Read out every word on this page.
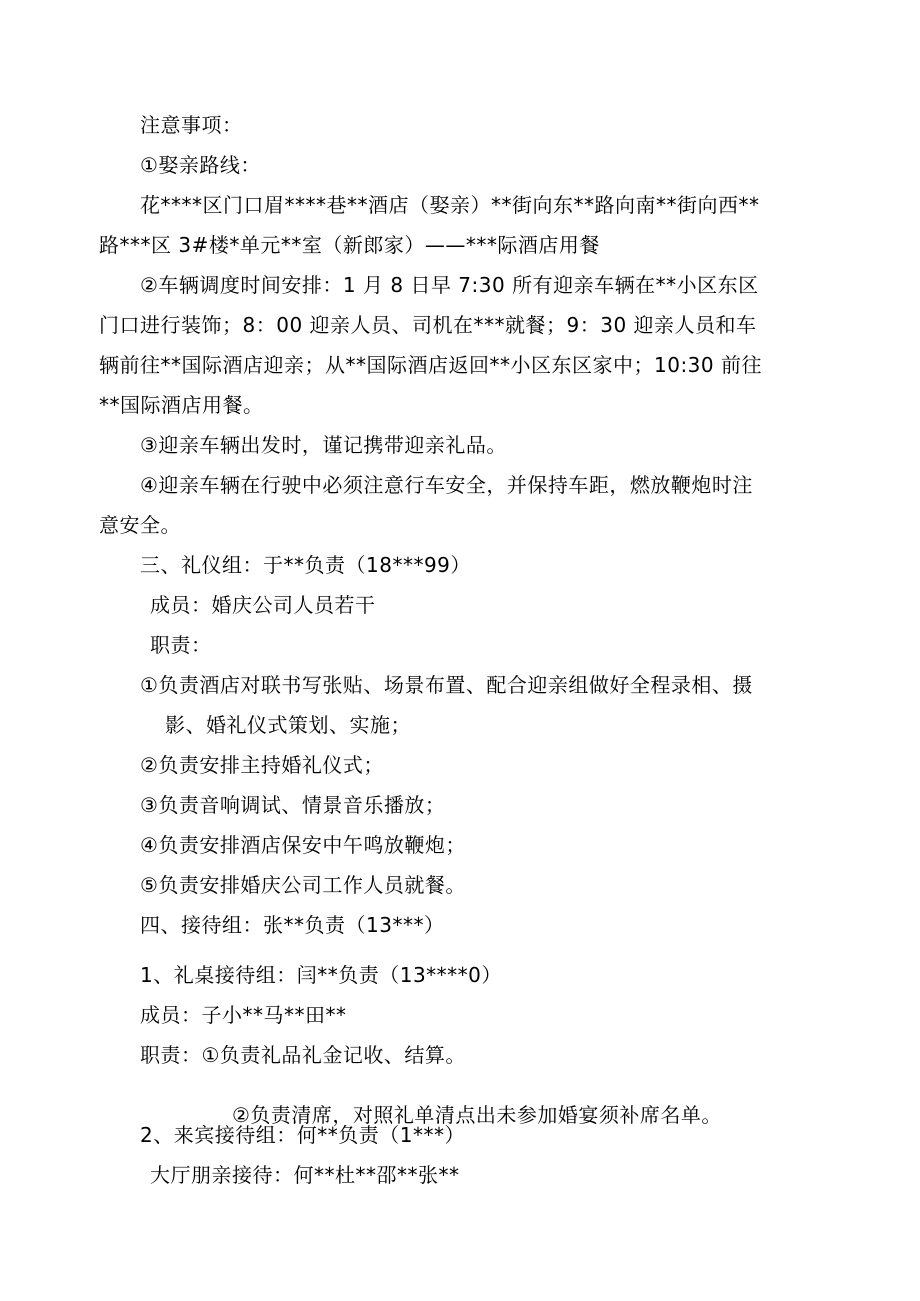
注意事项：

①娶亲路线：

花****区门口眉****巷**酒店（娶亲）**街向东**路向南**街向西**

路***区 3#楼*单元**室（新郎家）——***际酒店用餐

②车辆调度时间安排：1 月 8 日早 7:30 所有迎亲车辆在**小区东区

门口进行装饰；8：00 迎亲人员、司机在***就餐；9：30 迎亲人员和车

辆前往**国际酒店迎亲；从**国际酒店返回**小区东区家中；10:30 前往

**国际酒店用餐。

③迎亲车辆出发时，谨记携带迎亲礼品。

④迎亲车辆在行驶中必须注意行车安全，并保持车距，燃放鞭炮时注

意安全。

三、礼仪组：于**负责（18***99）

成员：婚庆公司人员若干

职责：

①负责酒店对联书写张贴、场景布置、配合迎亲组做好全程录相、摄

影、婚礼仪式策划、实施；

②负责安排主持婚礼仪式；

③负责音响调试、情景音乐播放；

④负责安排酒店保安中午鸣放鞭炮；

⑤负责安排婚庆公司工作人员就餐。

四、接待组：张**负责（13***）

1、礼桌接待组：闫**负责（13****0）

成员：子小**马**田**

职责：①负责礼品礼金记收、结算。

②负责清席，对照礼单清点出未参加婚宴须补席名单。

2、来宾接待组：何**负责（1***）

大厅朋亲接待：何**杜**邵**张**
